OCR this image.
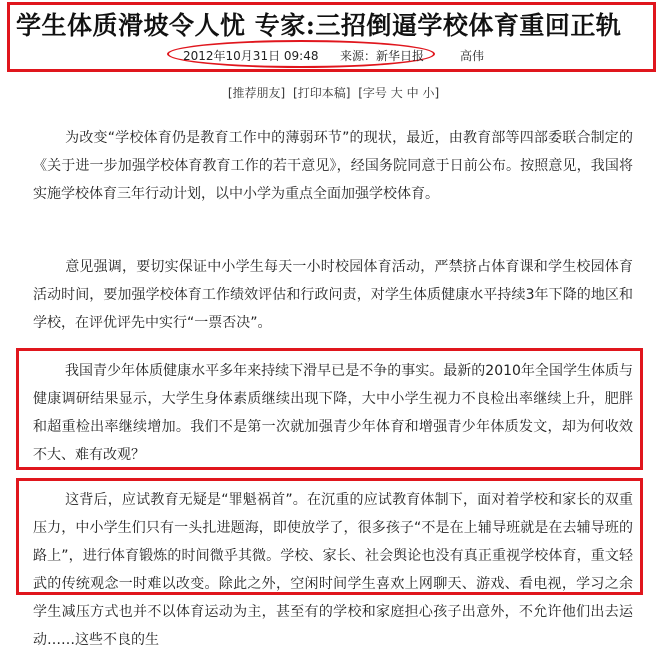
学生体质滑坡令人忧 专家:三招倒逼学校体育重回正轨
2012年10月31日 09:48 来源：新华日报	高伟
[推荐朋友] [打印本稿] [字号 大 中 小]

为改变“学校体育仍是教育工作中的薄弱环节”的现状，最近，由教育部等四部委联合制定的《关于进一步加强学校体育教育工作的若干意见》，经国务院同意于日前公布。按照意见，我国将实施学校体育三年行动计划，以中小学为重点全面加强学校体育。

意见强调，要切实保证中小学生每天一小时校园体育活动，严禁挤占体育课和学生校园体育活动时间，要加强学校体育工作绩效评估和行政问责，对学生体质健康水平持续3年下降的地区和学校，在评优评先中实行“一票否决”。

我国青少年体质健康水平多年来持续下滑早已是不争的事实。最新的2010年全国学生体质与健康调研结果显示，大学生身体素质继续出现下降，大中小学生视力不良检出率继续上升，肥胖和超重检出率继续增加。我们不是第一次就加强青少年体育和增强青少年体质发文，却为何收效不大、难有改观？

这背后，应试教育无疑是“罪魁祸首”。在沉重的应试教育体制下，面对着学校和家长的双重压力，中小学生们只有一头扎进题海，即使放学了，很多孩子“不是在上辅导班就是在去辅导班的路上”，进行体育锻炼的时间微乎其微。学校、家长、社会舆论也没有真正重视学校体育，重文轻武的传统观念一时难以改变。除此之外，空闲时间学生喜欢上网聊天、游戏、看电视，学习之余学生减压方式也并不以体育运动为主，甚至有的学校和家庭担心孩子出意外，不允许他们出去运动……这些不良的生
